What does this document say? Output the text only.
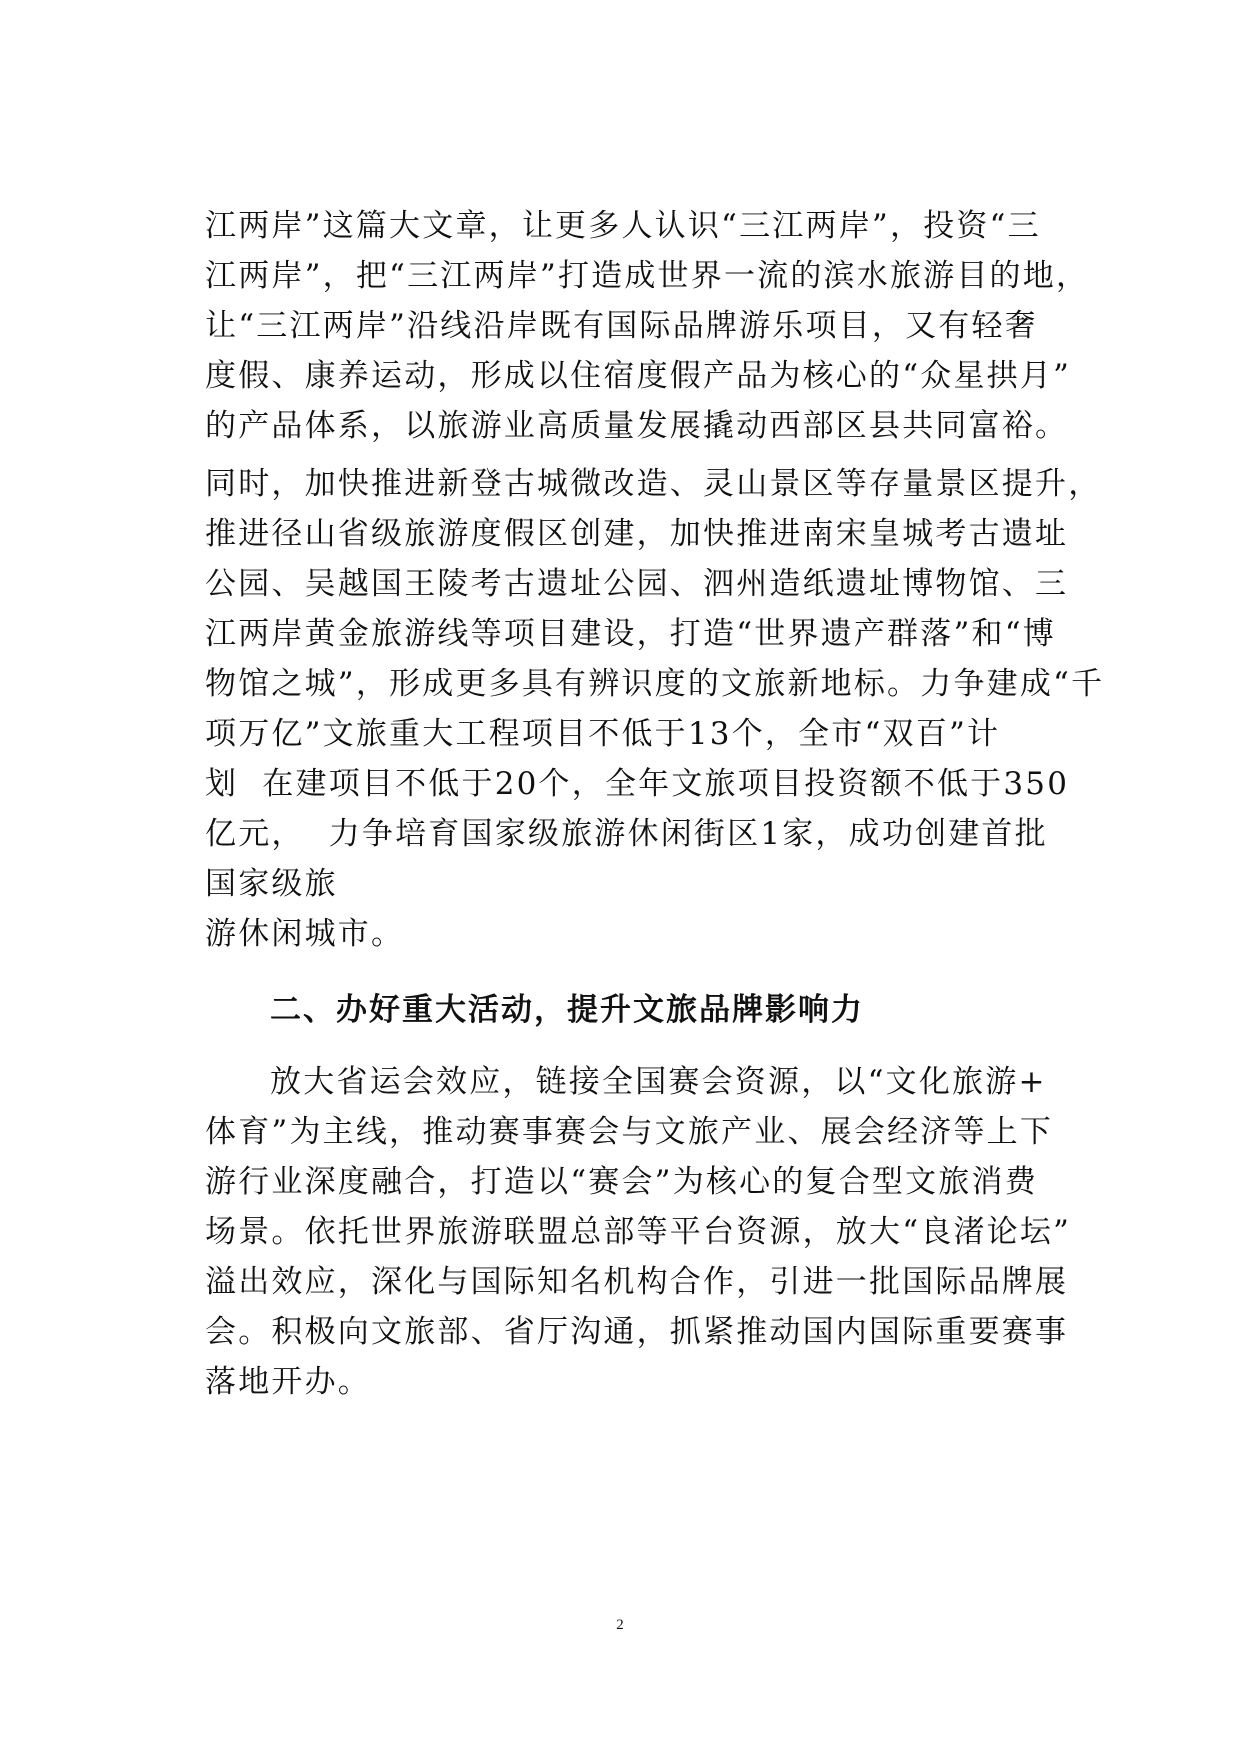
江两岸”这篇大文章，让更多人认识“三江两岸”，投资“三
江两岸”，把“三江两岸”打造成世界一流的滨水旅游目的地，
让“三江两岸”沿线沿岸既有国际品牌游乐项目，又有轻奢
度假、康养运动，形成以住宿度假产品为核心的“众星拱月”
的产品体系，以旅游业高质量发展撬动西部区县共同富裕。
同时，加快推进新登古城微改造、灵山景区等存量景区提升，
推进径山省级旅游度假区创建，加快推进南宋皇城考古遗址
公园、吴越国王陵考古遗址公园、泗州造纸遗址博物馆、三
江两岸黄金旅游线等项目建设，打造“世界遗产群落”和“博
物馆之城”，形成更多具有辨识度的文旅新地标。力争建成“千
项万亿”文旅重大工程项目不低于13个，全市“双百”计
划  在建项目不低于20个，全年文旅项目投资额不低于350
亿元，  力争培育国家级旅游休闲街区1家，成功创建首批
国家级旅
游休闲城市。
二、办好重大活动，提升文旅品牌影响力
放大省运会效应，链接全国赛会资源，以“文化旅游+
体育”为主线，推动赛事赛会与文旅产业、展会经济等上下
游行业深度融合，打造以“赛会”为核心的复合型文旅消费
场景。依托世界旅游联盟总部等平台资源，放大“良渚论坛”
溢出效应，深化与国际知名机构合作，引进一批国际品牌展
会。积极向文旅部、省厅沟通，抓紧推动国内国际重要赛事
落地开办。
2
